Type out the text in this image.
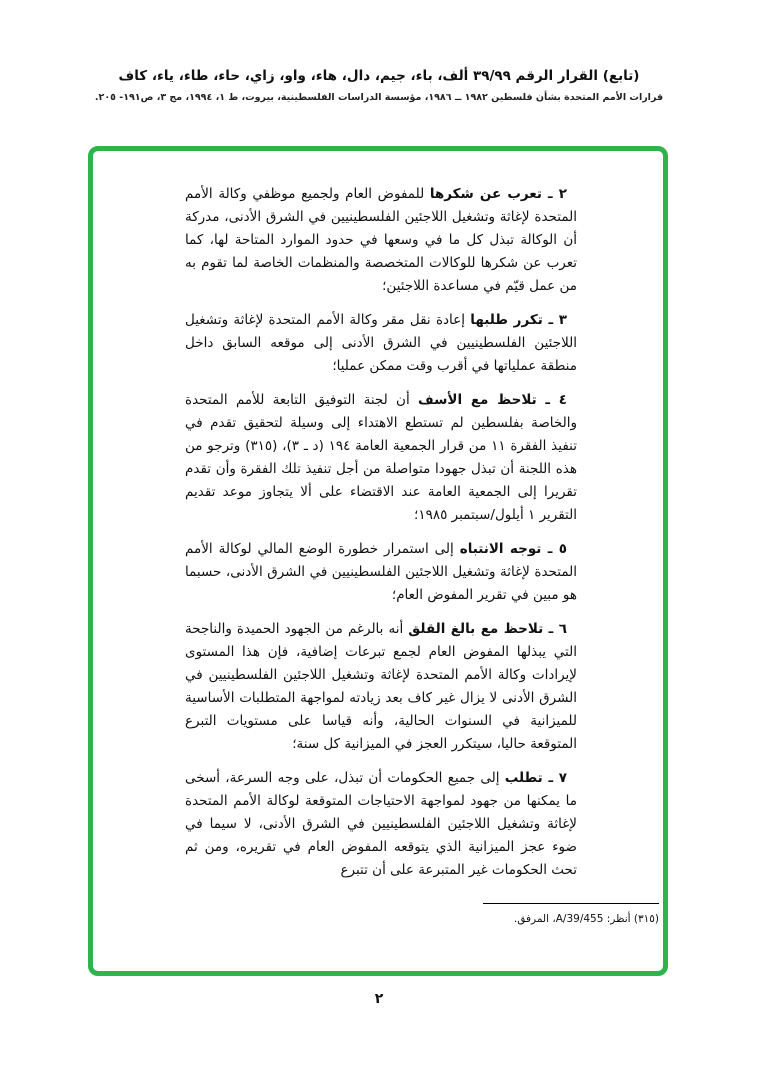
(تابع) القرار الرقم ٣٩/٩٩ ألف، باء، جيم، دال، هاء، واو، زاي، حاء، طاء، ياء، كاف
قرارات الأمم المتحدة بشأن فلسطين ١٩٨٢ ــ ١٩٨٦، مؤسسة الدراسات الفلسطينية، بيروت، ط ١، ١٩٩٤، مج ٣، ص١٩١- ٢٠٥.

٢ ـ تعرب عن شكرها للمفوض العام ولجميع موظفي وكالة الأمم المتحدة لإغاثة وتشغيل اللاجئين الفلسطينيين في الشرق الأدنى، مدركة أن الوكالة تبذل كل ما في وسعها في حدود الموارد المتاحة لها، كما تعرب عن شكرها للوكالات المتخصصة والمنظمات الخاصة لما تقوم به من عمل قيّم في مساعدة اللاجئين؛

٣ ـ تكرر طلبها إعادة نقل مقر وكالة الأمم المتحدة لإغاثة وتشغيل اللاجئين الفلسطينيين في الشرق الأدنى إلى موقعه السابق داخل منطقة عملياتها في أقرب وقت ممكن عمليا؛

٤ ـ تلاحظ مع الأسف أن لجنة التوفيق التابعة للأمم المتحدة والخاصة بفلسطين لم تستطع الاهتداء إلى وسيلة لتحقيق تقدم في تنفيذ الفقرة ١١ من قرار الجمعية العامة ١٩٤ (د ـ ٣)، (٣١٥) وترجو من هذه اللجنة أن تبذل جهودا متواصلة من أجل تنفيذ تلك الفقرة وأن تقدم تقريرا إلى الجمعية العامة عند الاقتضاء على ألا يتجاوز موعد تقديم التقرير ١ أيلول/سبتمبر ١٩٨٥؛

٥ ـ توجه الانتباه إلى استمرار خطورة الوضع المالي لوكالة الأمم المتحدة لإغاثة وتشغيل اللاجئين الفلسطينيين في الشرق الأدنى، حسبما هو مبين في تقرير المفوض العام؛

٦ ـ تلاحظ مع بالغ القلق أنه بالرغم من الجهود الحميدة والناجحة التي يبذلها المفوض العام لجمع تبرعات إضافية، فإن هذا المستوى لإيرادات وكالة الأمم المتحدة لإغاثة وتشغيل اللاجئين الفلسطينيين في الشرق الأدنى لا يزال غير كاف بعد زيادته لمواجهة المتطلبات الأساسية للميزانية في السنوات الحالية، وأنه قياسا على مستويات التبرع المتوقعة حاليا، سيتكرر العجز في الميزانية كل سنة؛

٧ ـ تطلب إلى جميع الحكومات أن تبذل، على وجه السرعة، أسخى ما يمكنها من جهود لمواجهة الاحتياجات المتوقعة لوكالة الأمم المتحدة لإغاثة وتشغيل اللاجئين الفلسطينيين في الشرق الأدنى، لا سيما في ضوء عجز الميزانية الذي يتوقعه المفوض العام في تقريره، ومن ثم تحث الحكومات غير المتبرعة على أن تتبرع

(٣١٥) أنظر: A/39/455، المرفق.
٢
